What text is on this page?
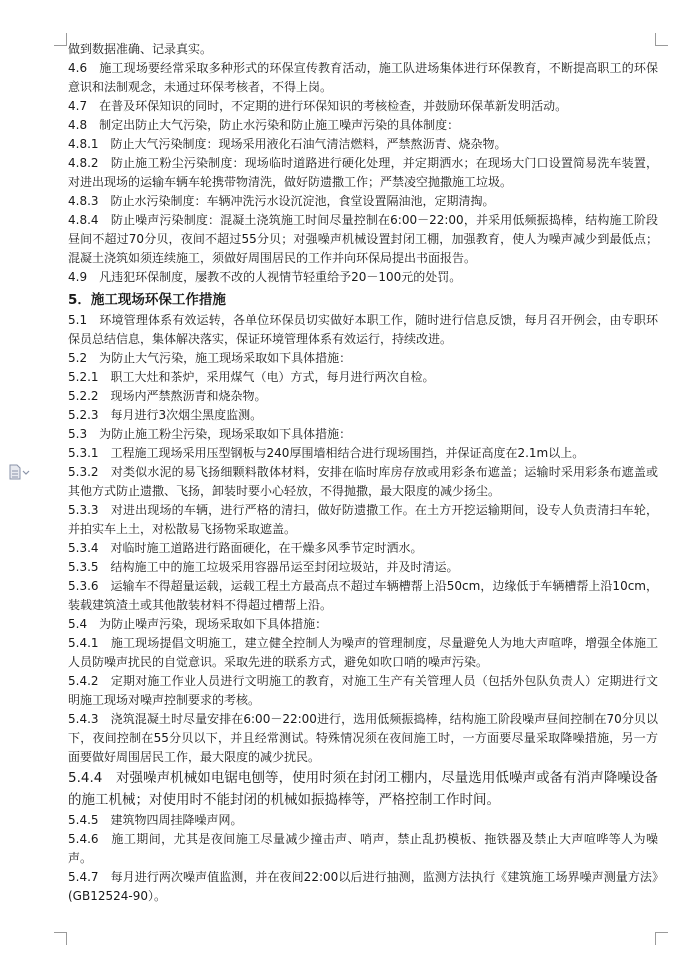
做到数据准确、记录真实。
4.6　施工现场要经常采取多种形式的环保宣传教育活动，施工队进场集体进行环保教育，不断提高职工的环保意识和法制观念，未通过环保考核者，不得上岗。
4.7　在普及环保知识的同时，不定期的进行环保知识的考核检查，并鼓励环保革新发明活动。
4.8　制定出防止大气污染，防止水污染和防止施工噪声污染的具体制度：
4.8.1　防止大气污染制度：现场采用液化石油气清洁燃料，严禁熬沥青、烧杂物。
4.8.2　防止施工粉尘污染制度：现场临时道路进行硬化处理，并定期洒水；在现场大门口设置简易洗车装置，对进出现场的运输车辆车轮携带物清洗，做好防遗撒工作；严禁凌空抛撒施工垃圾。
4.8.3　防止水污染制度：车辆冲洗污水设沉淀池，食堂设置隔油池，定期清掏。
4.8.4　防止噪声污染制度：混凝土浇筑施工时间尽量控制在6:00－22:00，并采用低频振捣棒，结构施工阶段昼间不超过70分贝，夜间不超过55分贝；对强噪声机械设置封闭工棚，加强教育，使人为噪声减少到最低点；混凝土浇筑如须连续施工，须做好周围居民的工作并向环保局提出书面报告。
4.9　凡违犯环保制度，屡教不改的人视情节轻重给予20－100元的处罚。
5．施工现场环保工作措施
5.1　环境管理体系有效运转，各单位环保员切实做好本职工作，随时进行信息反馈，每月召开例会，由专职环保员总结信息，集体解决落实，保证环境管理体系有效运行，持续改进。
5.2　为防止大气污染，施工现场采取如下具体措施：
5.2.1　职工大灶和茶炉，采用煤气（电）方式，每月进行两次自检。
5.2.2　现场内严禁熬沥青和烧杂物。
5.2.3　每月进行3次烟尘黑度监测。
5.3　为防止施工粉尘污染，现场采取如下具体措施：
5.3.1　工程施工现场采用压型钢板与240厚围墙相结合进行现场围挡，并保证高度在2.1m以上。
5.3.2　对类似水泥的易飞扬细颗料散体材料，安排在临时库房存放或用彩条布遮盖；运输时采用彩条布遮盖或其他方式防止遗撒、飞扬，卸装时要小心轻放，不得抛撒，最大限度的减少扬尘。
5.3.3　对进出现场的车辆，进行严格的清扫，做好防遗撒工作。在土方开挖运输期间，设专人负责清扫车轮，并拍实车上土，对松散易飞扬物采取遮盖。
5.3.4　对临时施工道路进行路面硬化，在干燥多风季节定时洒水。
5.3.5　结构施工中的施工垃圾采用容器吊运至封闭垃圾站，并及时清运。
5.3.6　运输车不得超量运载，运载工程土方最高点不超过车辆槽帮上沿50cm，边缘低于车辆槽帮上沿10cm，装载建筑渣土或其他散装材料不得超过槽帮上沿。
5.4　为防止噪声污染，现场采取如下具体措施：
5.4.1　施工现场提倡文明施工，建立健全控制人为噪声的管理制度，尽量避免人为地大声喧哗，增强全体施工人员防噪声扰民的自觉意识。采取先进的联系方式，避免如吹口哨的噪声污染。
5.4.2　定期对施工作业人员进行文明施工的教育，对施工生产有关管理人员（包括外包队负责人）定期进行文明施工现场对噪声控制要求的考核。
5.4.3　浇筑混凝土时尽量安排在6:00－22:00进行，选用低频振捣棒，结构施工阶段噪声昼间控制在70分贝以下，夜间控制在55分贝以下，并且经常测试。特殊情况须在夜间施工时，一方面要尽量采取降噪措施，另一方面要做好周围居民工作，最大限度的减少扰民。
5.4.4　对强噪声机械如电锯电刨等，使用时须在封闭工棚内，尽量选用低噪声或备有消声降噪设备的施工机械；对使用时不能封闭的机械如振捣棒等，严格控制工作时间。
5.4.5　建筑物四周挂降噪声网。
5.4.6　施工期间，尤其是夜间施工尽量减少撞击声、哨声，禁止乱扔模板、拖铁器及禁止大声喧哗等人为噪声。
5.4.7　每月进行两次噪声值监测，并在夜间22:00以后进行抽测，监测方法执行《建筑施工场界噪声测量方法》(GB12524-90）。
